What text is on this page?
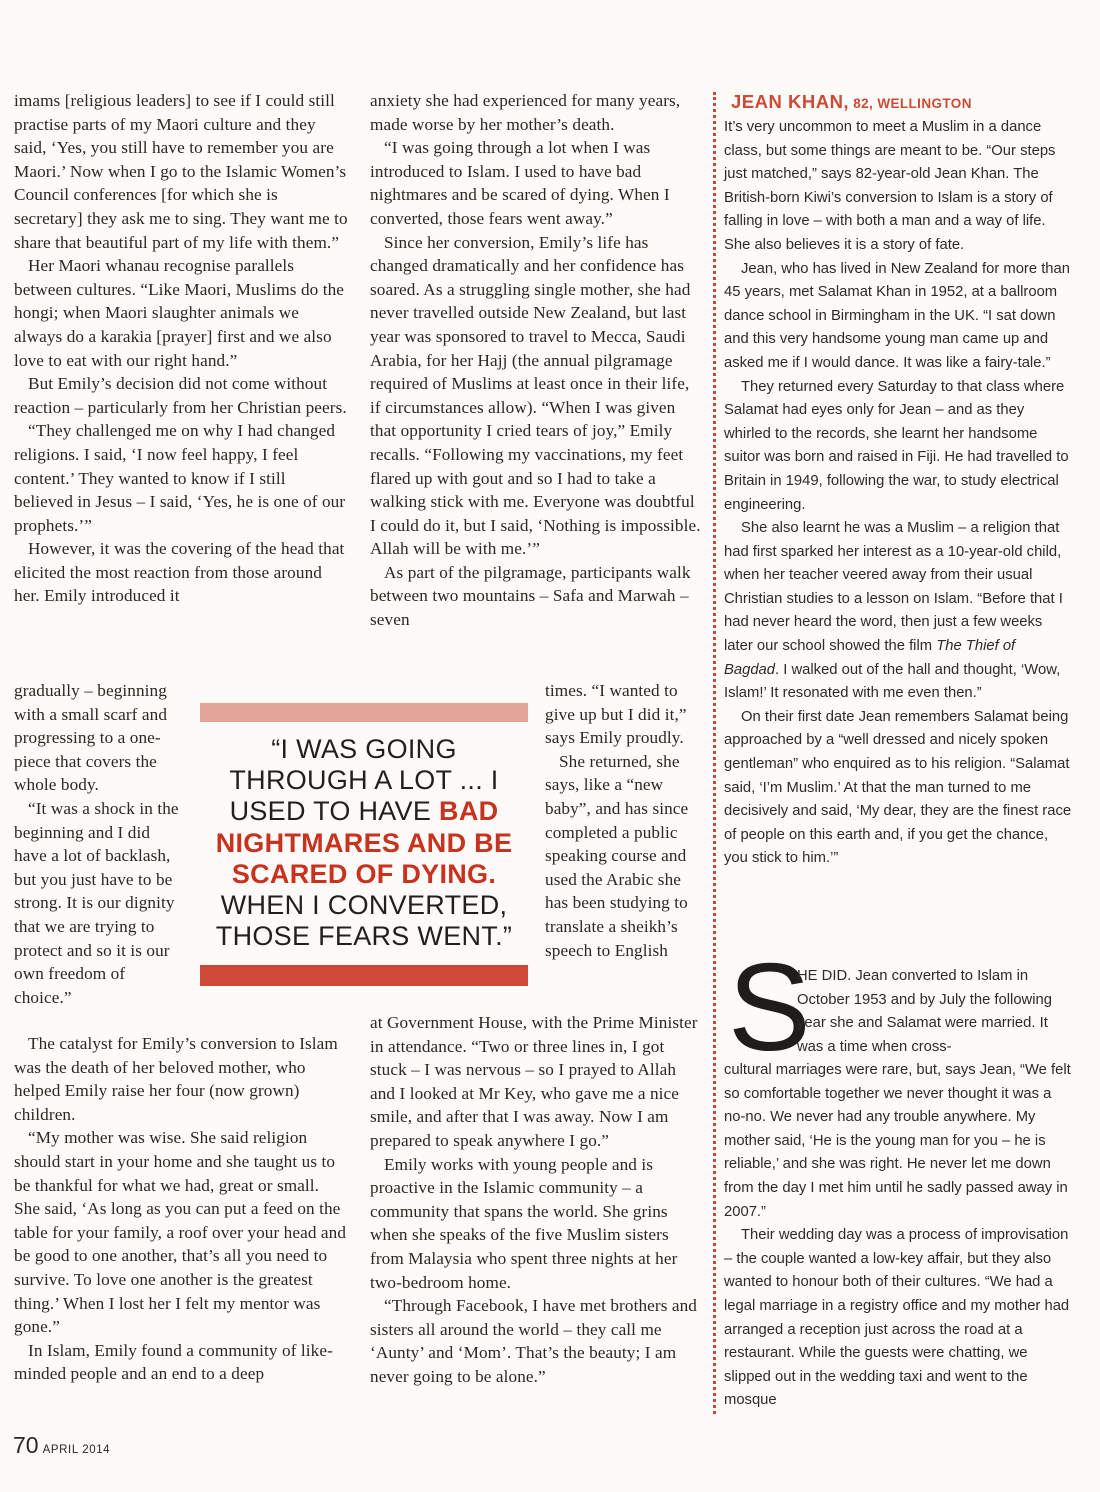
imams [religious leaders] to see if I could still practise parts of my Maori culture and they said, ‘Yes, you still have to remember you are Maori.’ Now when I go to the Islamic Women’s Council conferences [for which she is secretary] they ask me to sing. They want me to share that beautiful part of my life with them.”

Her Maori whanau recognise parallels between cultures. “Like Maori, Muslims do the hongi; when Maori slaughter animals we always do a karakia [prayer] first and we also love to eat with our right hand.”

But Emily’s decision did not come without reaction – particularly from her Christian peers.

“They challenged me on why I had changed religions. I said, ‘I now feel happy, I feel content.’ They wanted to know if I still believed in Jesus – I said, ‘Yes, he is one of our prophets.’”

However, it was the covering of the head that elicited the most reaction from those around her. Emily introduced it

gradually – beginning with a small scarf and progressing to a one-piece that covers the whole body.

“It was a shock in the beginning and I did have a lot of backlash, but you just have to be strong. It is our dignity that we are trying to protect and so it is our own freedom of choice.”

The catalyst for Emily’s conversion to Islam was the death of her beloved mother, who helped Emily raise her four (now grown) children.

“My mother was wise. She said religion should start in your home and she taught us to be thankful for what we had, great or small. She said, ‘As long as you can put a feed on the table for your family, a roof over your head and be good to one another, that’s all you need to survive. To love one another is the greatest thing.’ When I lost her I felt my mentor was gone.”

In Islam, Emily found a community of like-minded people and an end to a deep

anxiety she had experienced for many years, made worse by her mother’s death.

“I was going through a lot when I was introduced to Islam. I used to have bad nightmares and be scared of dying. When I converted, those fears went away.”

Since her conversion, Emily’s life has changed dramatically and her confidence has soared. As a struggling single mother, she had never travelled outside New Zealand, but last year was sponsored to travel to Mecca, Saudi Arabia, for her Hajj (the annual pilgramage required of Muslims at least once in their life, if circumstances allow). “When I was given that opportunity I cried tears of joy,” Emily recalls. “Following my vaccinations, my feet flared up with gout and so I had to take a walking stick with me. Everyone was doubtful I could do it, but I said, ‘Nothing is impossible. Allah will be with me.’”

As part of the pilgramage, participants walk between two mountains – Safa and Marwah – seven

times. “I wanted to give up but I did it,” says Emily proudly.

She returned, she says, like a “new baby”, and has since completed a public speaking course and used the Arabic she has been studying to translate a sheikh’s speech to English

at Government House, with the Prime Minister in attendance. “Two or three lines in, I got stuck – I was nervous – so I prayed to Allah and I looked at Mr Key, who gave me a nice smile, and after that I was away. Now I am prepared to speak anywhere I go.”

Emily works with young people and is proactive in the Islamic community – a community that spans the world. She grins when she speaks of the five Muslim sisters from Malaysia who spent three nights at her two-bedroom home.

“Through Facebook, I have met brothers and sisters all around the world – they call me ‘Aunty’ and ‘Mom’. That’s the beauty; I am never going to be alone.”

“I WAS GOING THROUGH A LOT ... I USED TO HAVE BAD NIGHTMARES AND BE SCARED OF DYING. WHEN I CONVERTED, THOSE FEARS WENT.”
JEAN KHAN, 82, WELLINGTON

It’s very uncommon to meet a Muslim in a dance class, but some things are meant to be. “Our steps just matched,” says 82-year-old Jean Khan. The British-born Kiwi’s conversion to Islam is a story of falling in love – with both a man and a way of life. She also believes it is a story of fate.

Jean, who has lived in New Zealand for more than 45 years, met Salamat Khan in 1952, at a ballroom dance school in Birmingham in the UK. “I sat down and this very handsome young man came up and asked me if I would dance. It was like a fairy-tale.”

They returned every Saturday to that class where Salamat had eyes only for Jean – and as they whirled to the records, she learnt her handsome suitor was born and raised in Fiji. He had travelled to Britain in 1949, following the war, to study electrical engineering.

She also learnt he was a Muslim – a religion that had first sparked her interest as a 10-year-old child, when her teacher veered away from their usual Christian studies to a lesson on Islam. “Before that I had never heard the word, then just a few weeks later our school showed the film The Thief of Bagdad. I walked out of the hall and thought, ‘Wow, Islam!’ It resonated with me even then.”

On their first date Jean remembers Salamat being approached by a “well dressed and nicely spoken gentleman” who enquired as to his religion. “Salamat said, ‘I’m Muslim.’ At that the man turned to me decisively and said, ‘My dear, they are the finest race of people on this earth and, if you get the chance, you stick to him.’”

S

HE DID. Jean converted to Islam in October 1953 and by July the following year she and Salamat were married. It was a time when cross-

cultural marriages were rare, but, says Jean, “We felt so comfortable together we never thought it was a no-no. We never had any trouble anywhere. My mother said, ‘He is the young man for you – he is reliable,’ and she was right. He never let me down from the day I met him until he sadly passed away in 2007.”

Their wedding day was a process of improvisation – the couple wanted a low-key affair, but they also wanted to honour both of their cultures. “We had a legal marriage in a registry office and my mother had arranged a reception just across the road at a restaurant. While the guests were chatting, we slipped out in the wedding taxi and went to the mosque

70 APRIL 2014
